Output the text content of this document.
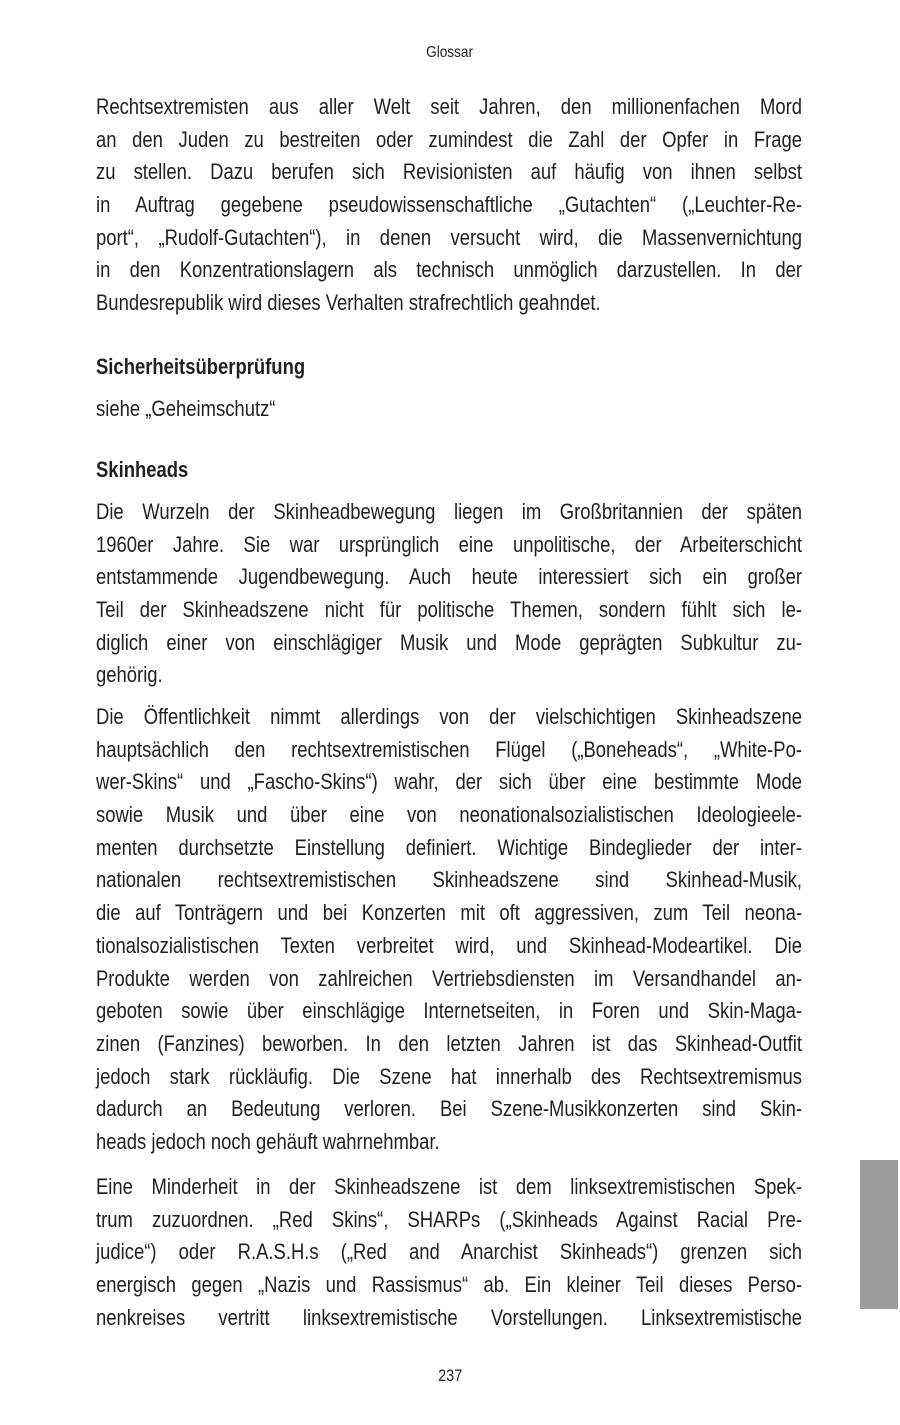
Glossar
Rechtsextremisten aus aller Welt seit Jahren, den millionenfachen Mord
an den Juden zu bestreiten oder zumindest die Zahl der Opfer in Frage
zu stellen. Dazu berufen sich Revisionisten auf häufig von ihnen selbst
in Auftrag gegebene pseudowissenschaftliche „Gutachten“ („Leuchter-Re-
port“, „Rudolf-Gutachten“), in denen versucht wird, die Massenvernichtung
in den Konzentrationslagern als technisch unmöglich darzustellen. In der
Bundesrepublik wird dieses Verhalten strafrechtlich geahndet.
Sicherheitsüberprüfung
siehe „Geheimschutz“
Skinheads
Die Wurzeln der Skinheadbewegung liegen im Großbritannien der späten
1960er Jahre. Sie war ursprünglich eine unpolitische, der Arbeiterschicht
entstammende Jugendbewegung. Auch heute interessiert sich ein großer
Teil der Skinheadszene nicht für politische Themen, sondern fühlt sich le-
diglich einer von einschlägiger Musik und Mode geprägten Subkultur zu-
gehörig.
Die Öffentlichkeit nimmt allerdings von der vielschichtigen Skinheadszene
hauptsächlich den rechtsextremistischen Flügel („Boneheads“, „White-Po-
wer-Skins“ und „Fascho-Skins“) wahr, der sich über eine bestimmte Mode
sowie Musik und über eine von neonationalsozialistischen Ideologieele-
menten durchsetzte Einstellung definiert. Wichtige Bindeglieder der inter-
nationalen rechtsextremistischen Skinheadszene sind Skinhead-Musik,
die auf Tonträgern und bei Konzerten mit oft aggressiven, zum Teil neona-
tionalsozialistischen Texten verbreitet wird, und Skinhead-Modeartikel. Die
Produkte werden von zahlreichen Vertriebsdiensten im Versandhandel an-
geboten sowie über einschlägige Internetseiten, in Foren und Skin-Maga-
zinen (Fanzines) beworben. In den letzten Jahren ist das Skinhead-Outfit
jedoch stark rückläufig. Die Szene hat innerhalb des Rechtsextremismus
dadurch an Bedeutung verloren. Bei Szene-Musikkonzerten sind Skin-
heads jedoch noch gehäuft wahrnehmbar.
Eine Minderheit in der Skinheadszene ist dem linksextremistischen Spek-
trum zuzuordnen. „Red Skins“, SHARPs („Skinheads Against Racial Pre-
judice“) oder R.A.S.H.s („Red and Anarchist Skinheads“) grenzen sich
energisch gegen „Nazis und Rassismus“ ab. Ein kleiner Teil dieses Perso-
nenkreises vertritt linksextremistische Vorstellungen. Linksextremistische
237
